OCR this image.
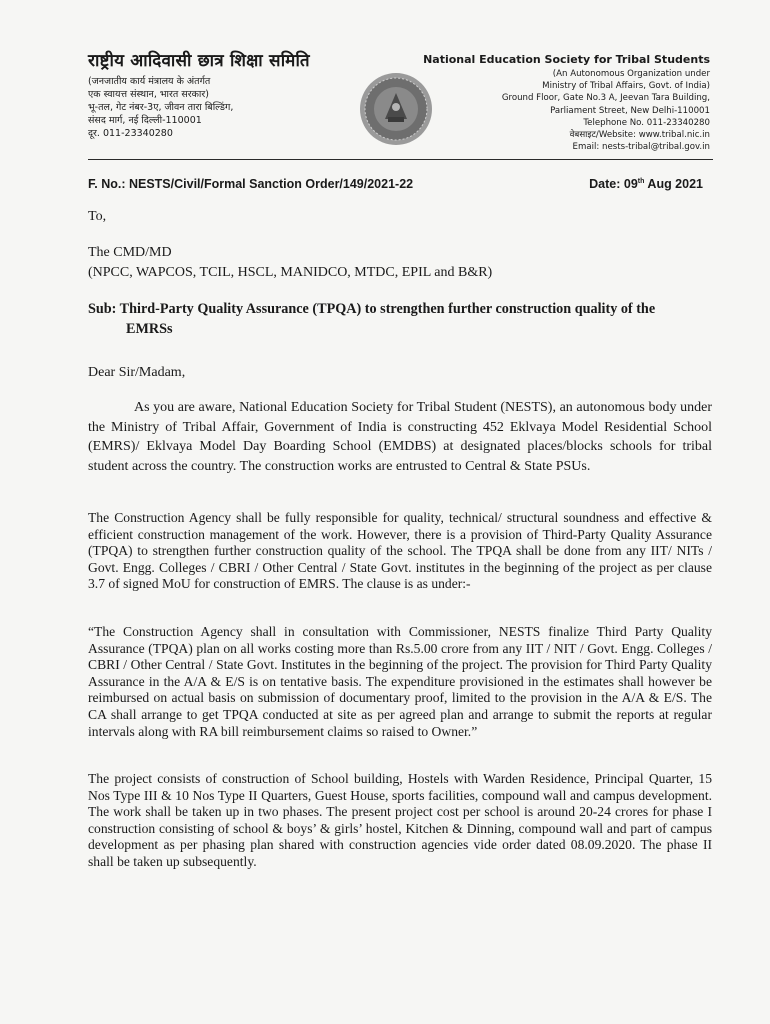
राष्ट्रीय आदिवासी छात्र शिक्षा समिति

(जनजातीय कार्य मंत्रालय के अंतर्गत

एक स्वायत्त संस्थान, भारत सरकार)

भू-तल, गेट नंबर-3ए, जीवन तारा बिल्डिंग,

संसद मार्ग, नई दिल्ली-110001

दूर. 011-23340280

National Education Society for Tribal Students

(An Autonomous Organization under

Ministry of Tribal Affairs, Govt. of India)

Ground Floor, Gate No.3 A, Jeevan Tara Building,

Parliament Street, New Delhi-110001

Telephone No. 011-23340280

वेबसाइट/Website: www.tribal.nic.in

Email: nests-tribal@tribal.gov.in

F. No.: NESTS/Civil/Formal Sanction Order/149/2021-22	Date: 09th Aug 2021
To,
The CMD/MD
(NPCC, WAPCOS, TCIL, HSCL, MANIDCO, MTDC, EPIL and B&R)
Sub: Third-Party Quality Assurance (TPQA) to strengthen further construction quality of the
EMRSs
Dear Sir/Madam,

As you are aware, National Education Society for Tribal Student (NESTS), an autonomous body under the Ministry of Tribal Affair, Government of India is constructing 452 Eklvaya Model Residential School (EMRS)/ Eklvaya Model Day Boarding School (EMDBS) at designated places/blocks schools for tribal student across the country. The construction works are entrusted to Central & State PSUs.

The Construction Agency shall be fully responsible for quality, technical/ structural soundness and effective & efficient construction management of the work. However, there is a provision of Third-Party Quality Assurance (TPQA) to strengthen further construction quality of the school. The TPQA shall be done from any IIT/ NITs / Govt. Engg. Colleges / CBRI / Other Central / State Govt. institutes in the beginning of the project as per clause 3.7 of signed MoU for construction of EMRS. The clause is as under:-

“The Construction Agency shall in consultation with Commissioner, NESTS finalize Third Party Quality Assurance (TPQA) plan on all works costing more than Rs.5.00 crore from any IIT / NIT / Govt. Engg. Colleges / CBRI / Other Central / State Govt. Institutes in the beginning of the project. The provision for Third Party Quality Assurance in the A/A & E/S is on tentative basis. The expenditure provisioned in the estimates shall however be reimbursed on actual basis on submission of documentary proof, limited to the provision in the A/A & E/S. The CA shall arrange to get TPQA conducted at site as per agreed plan and arrange to submit the reports at regular intervals along with RA bill reimbursement claims so raised to Owner.”

The project consists of construction of School building, Hostels with Warden Residence, Principal Quarter, 15 Nos Type III & 10 Nos Type II Quarters, Guest House, sports facilities, compound wall and campus development. The work shall be taken up in two phases. The present project cost per school is around 20-24 crores for phase I construction consisting of school & boys’ & girls’ hostel, Kitchen & Dinning, compound wall and part of campus development as per phasing plan shared with construction agencies vide order dated 08.09.2020. The phase II shall be taken up subsequently.
